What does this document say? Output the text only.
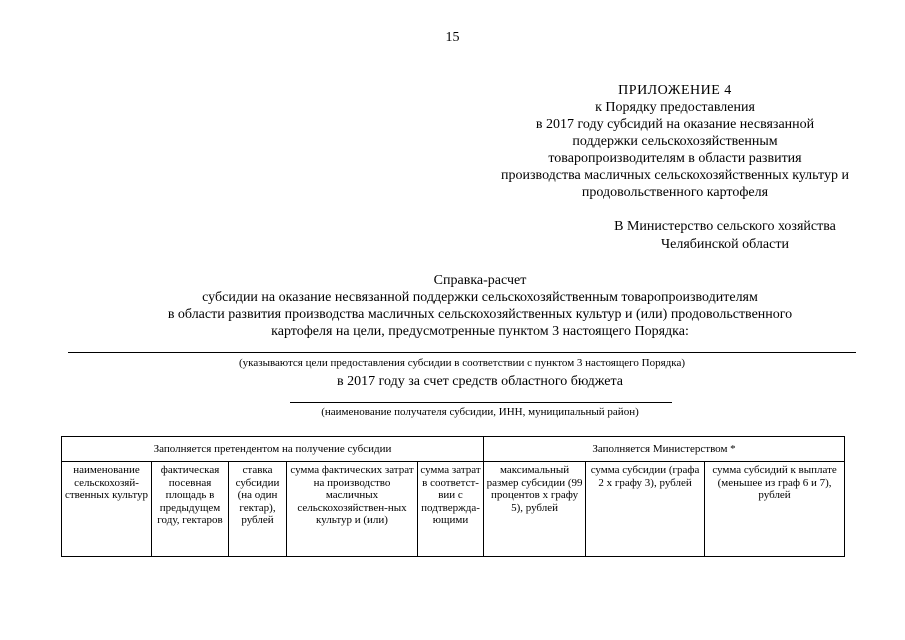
15
ПРИЛОЖЕНИЕ 4
к Порядку предоставления
в 2017 году субсидий на оказание несвязанной
поддержки сельскохозяйственным
товаропроизводителям в области развития
производства масличных сельскохозяйственных культур и
продовольственного картофеля
В Министерство сельского хозяйства
Челябинской области
Справка-расчет
субсидии на оказание несвязанной поддержки сельскохозяйственным товаропроизводителям
в области развития производства масличных сельскохозяйственных культур и (или) продовольственного
картофеля на цели, предусмотренные пунктом 3 настоящего Порядка:
(указываются цели предоставления субсидии в соответствии с пунктом 3 настоящего Порядка)
в 2017 году за счет средств областного бюджета
(наименование получателя субсидии, ИНН, муниципальный район)
Заполняется претендентом на получение субсидии					Заполняется Министерством *		
наименование сельскохозяй-ственных культур	фактическая посевная площадь в предыдущем году, гектаров	ставка субсидии (на один гектар), рублей	сумма фактических затрат на производство масличных сельскохозяйствен-ных культур и (или)	сумма затрат в соответст-вии с подтвержда-ющими	максимальный размер субсидии (99 процентов х графу 5), рублей	сумма субсидии (графа 2 х графу 3), рублей	сумма субсидий к выплате (меньшее из граф 6 и 7), рублей
